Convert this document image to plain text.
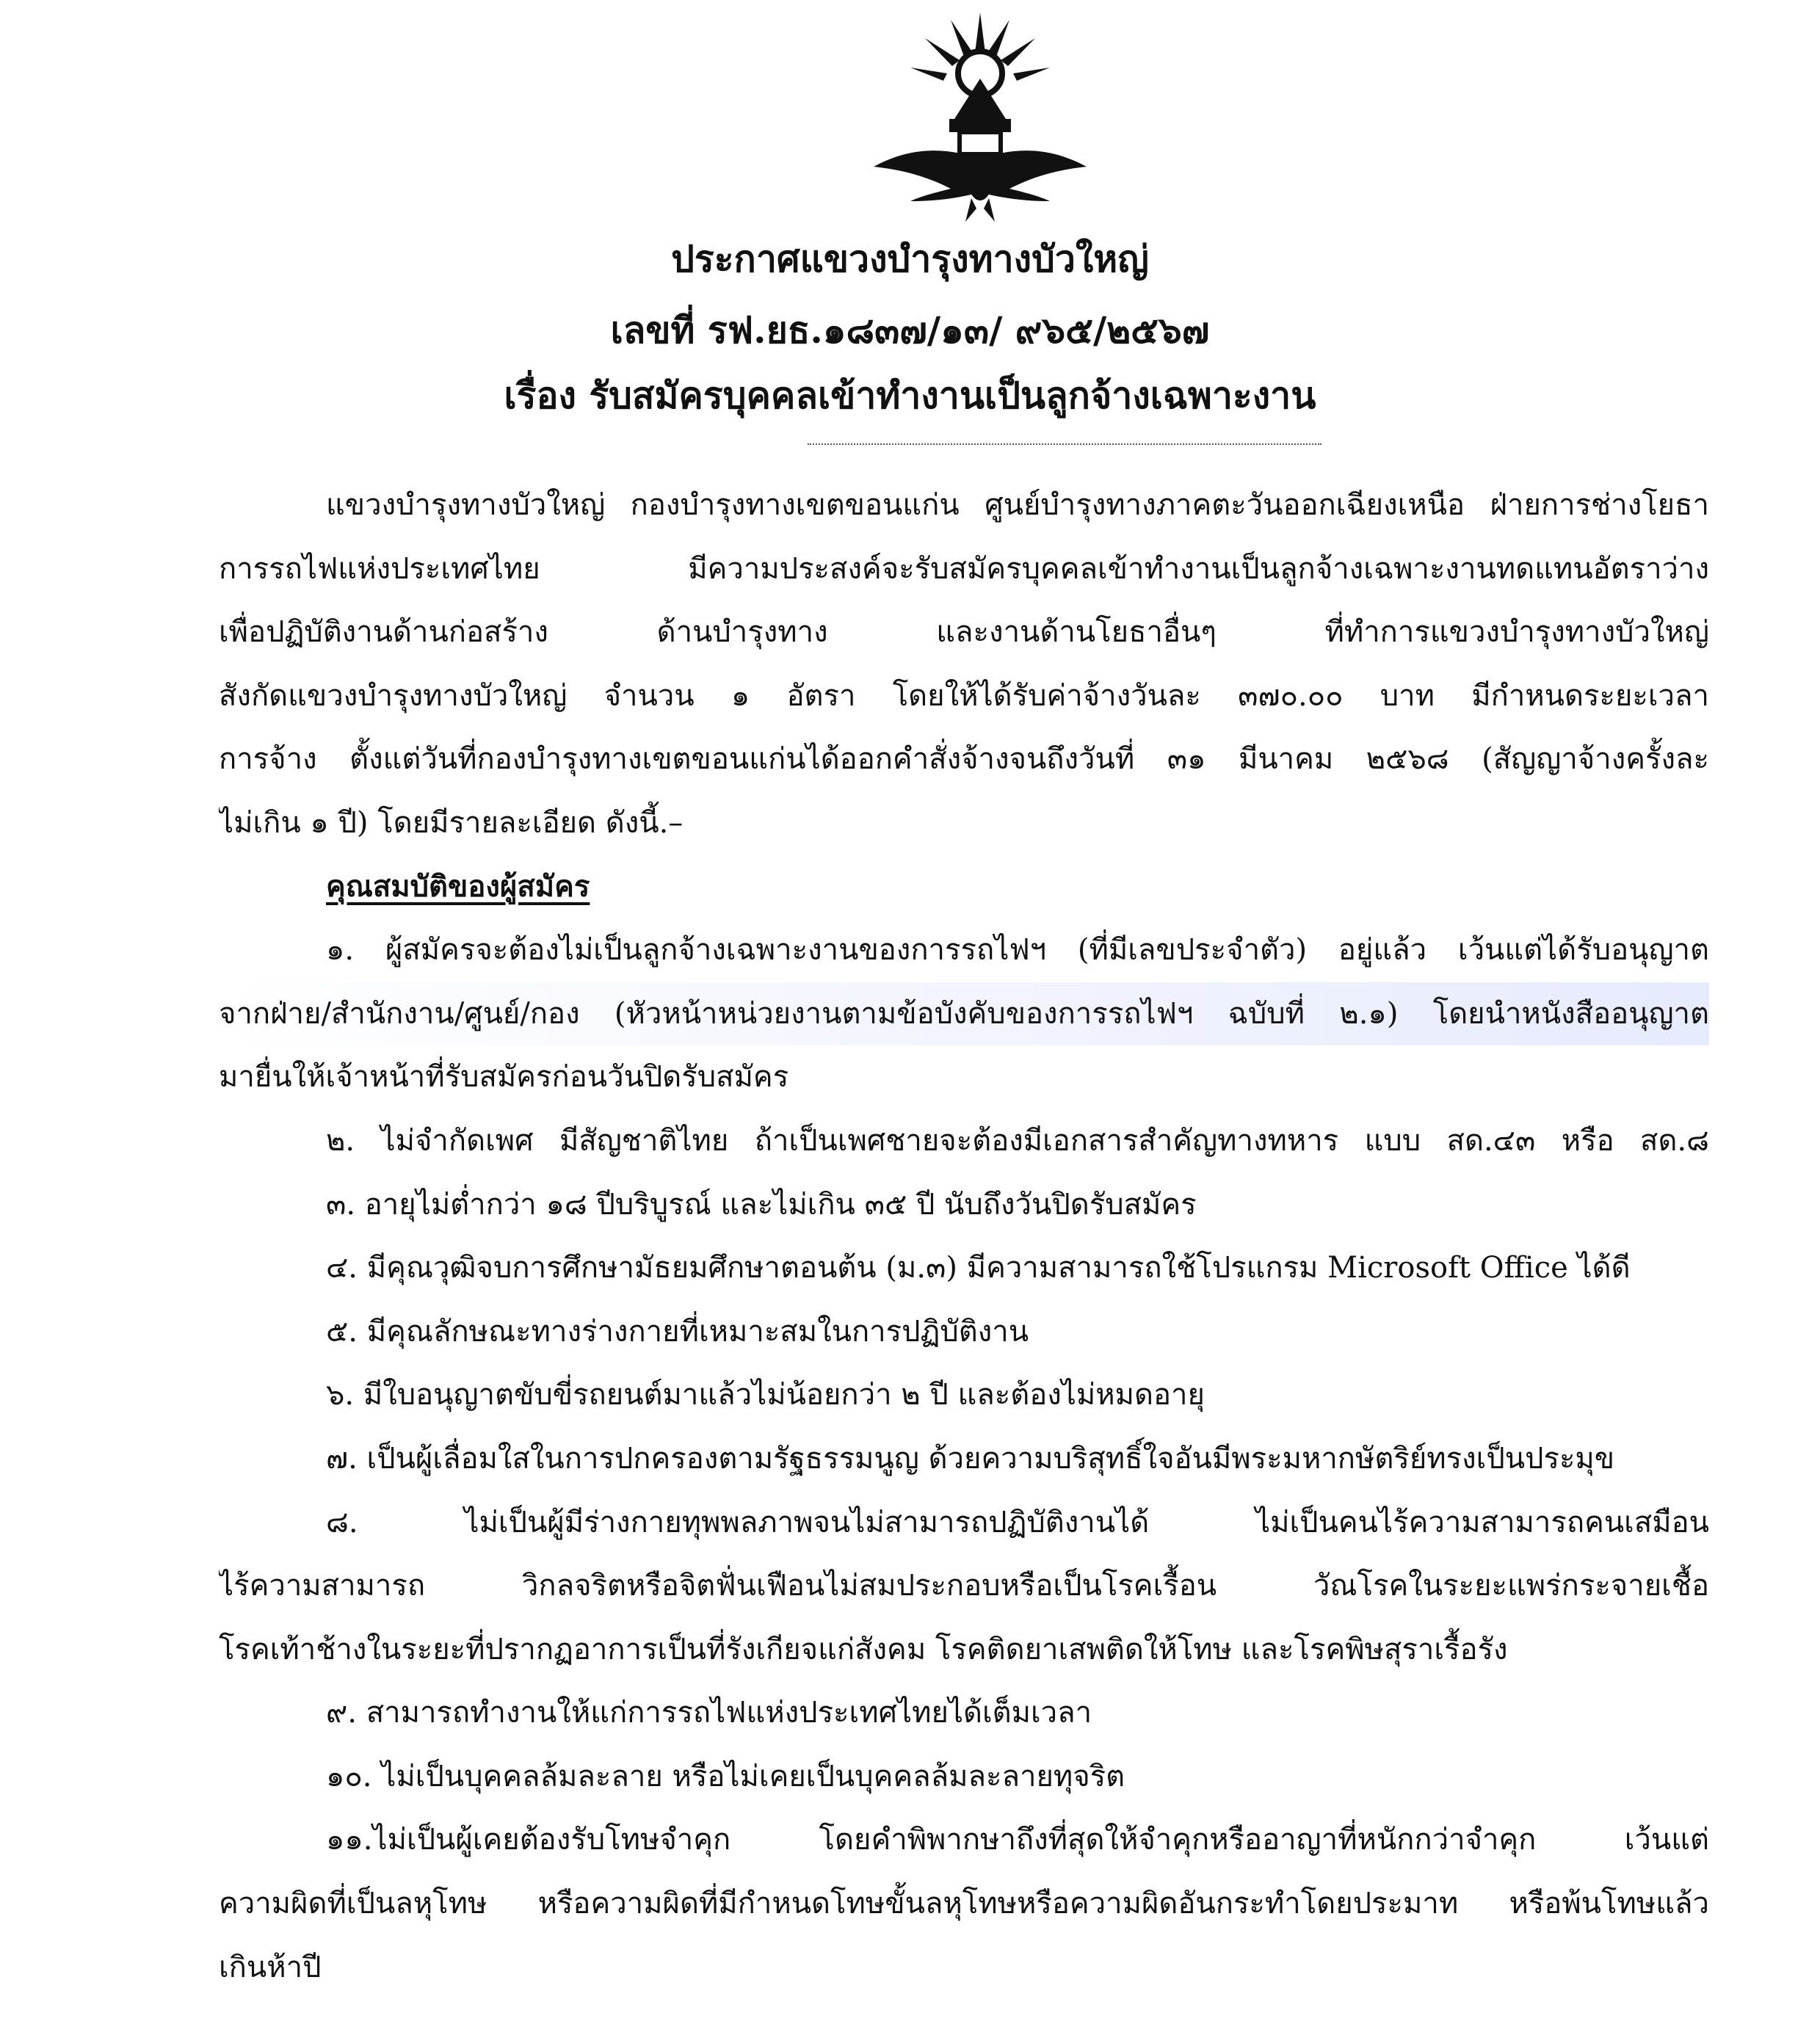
ประกาศแขวงบำรุงทางบัวใหญ่
เลขที่ รฟ.ยธ.๑๘๓๗/๑๓/ ๙๖๕/๒๕๖๗
เรื่อง รับสมัครบุคคลเข้าทำงานเป็นลูกจ้างเฉพาะงาน
แขวงบำรุงทางบัวใหญ่ กองบำรุงทางเขตขอนแก่น ศูนย์บำรุงทางภาคตะวันออกเฉียงเหนือ ฝ่ายการช่างโยธา
การรถไฟแห่งประเทศไทย มีความประสงค์จะรับสมัครบุคคลเข้าทำงานเป็นลูกจ้างเฉพาะงานทดแทนอัตราว่าง
เพื่อปฏิบัติงานด้านก่อสร้าง ด้านบำรุงทาง และงานด้านโยธาอื่นๆ ที่ทำการแขวงบำรุงทางบัวใหญ่
สังกัดแขวงบำรุงทางบัวใหญ่ จำนวน ๑ อัตรา โดยให้ได้รับค่าจ้างวันละ ๓๗๐.๐๐ บาท มีกำหนดระยะเวลา
การจ้าง ตั้งแต่วันที่กองบำรุงทางเขตขอนแก่นได้ออกคำสั่งจ้างจนถึงวันที่ ๓๑ มีนาคม ๒๕๖๘ (สัญญาจ้างครั้งละ
ไม่เกิน ๑ ปี) โดยมีรายละเอียด ดังนี้.–
คุณสมบัติของผู้สมัคร
๑. ผู้สมัครจะต้องไม่เป็นลูกจ้างเฉพาะงานของการรถไฟฯ (ที่มีเลขประจำตัว) อยู่แล้ว เว้นแต่ได้รับอนุญาต
จากฝ่าย/สำนักงาน/ศูนย์/กอง (หัวหน้าหน่วยงานตามข้อบังคับของการรถไฟฯ ฉบับที่ ๒.๑) โดยนำหนังสืออนุญาต
มายื่นให้เจ้าหน้าที่รับสมัครก่อนวันปิดรับสมัคร
๒. ไม่จำกัดเพศ มีสัญชาติไทย ถ้าเป็นเพศชายจะต้องมีเอกสารสำคัญทางทหาร แบบ สด.๔๓ หรือ สด.๘
๓. อายุไม่ต่ำกว่า ๑๘ ปีบริบูรณ์ และไม่เกิน ๓๕ ปี นับถึงวันปิดรับสมัคร
๔. มีคุณวุฒิจบการศึกษามัธยมศึกษาตอนต้น (ม.๓) มีความสามารถใช้โปรแกรม Microsoft Office ได้ดี
๕. มีคุณลักษณะทางร่างกายที่เหมาะสมในการปฏิบัติงาน
๖. มีใบอนุญาตขับขี่รถยนต์มาแล้วไม่น้อยกว่า ๒ ปี และต้องไม่หมดอายุ
๗. เป็นผู้เลื่อมใสในการปกครองตามรัฐธรรมนูญ ด้วยความบริสุทธิ์ใจอันมีพระมหากษัตริย์ทรงเป็นประมุข
๘. ไม่เป็นผู้มีร่างกายทุพพลภาพจนไม่สามารถปฏิบัติงานได้ ไม่เป็นคนไร้ความสามารถคนเสมือน
ไร้ความสามารถ วิกลจริตหรือจิตฟั่นเฟือนไม่สมประกอบหรือเป็นโรคเรื้อน วัณโรคในระยะแพร่กระจายเชื้อ
โรคเท้าช้างในระยะที่ปรากฏอาการเป็นที่รังเกียจแก่สังคม โรคติดยาเสพติดให้โทษ และโรคพิษสุราเรื้อรัง
๙. สามารถทำงานให้แก่การรถไฟแห่งประเทศไทยได้เต็มเวลา
๑๐. ไม่เป็นบุคคลล้มละลาย หรือไม่เคยเป็นบุคคลล้มละลายทุจริต
๑๑.ไม่เป็นผู้เคยต้องรับโทษจำคุก โดยคำพิพากษาถึงที่สุดให้จำคุกหรืออาญาที่หนักกว่าจำคุก เว้นแต่
ความผิดที่เป็นลหุโทษ หรือความผิดที่มีกำหนดโทษขั้นลหุโทษหรือความผิดอันกระทำโดยประมาท หรือพ้นโทษแล้ว
เกินห้าปี
